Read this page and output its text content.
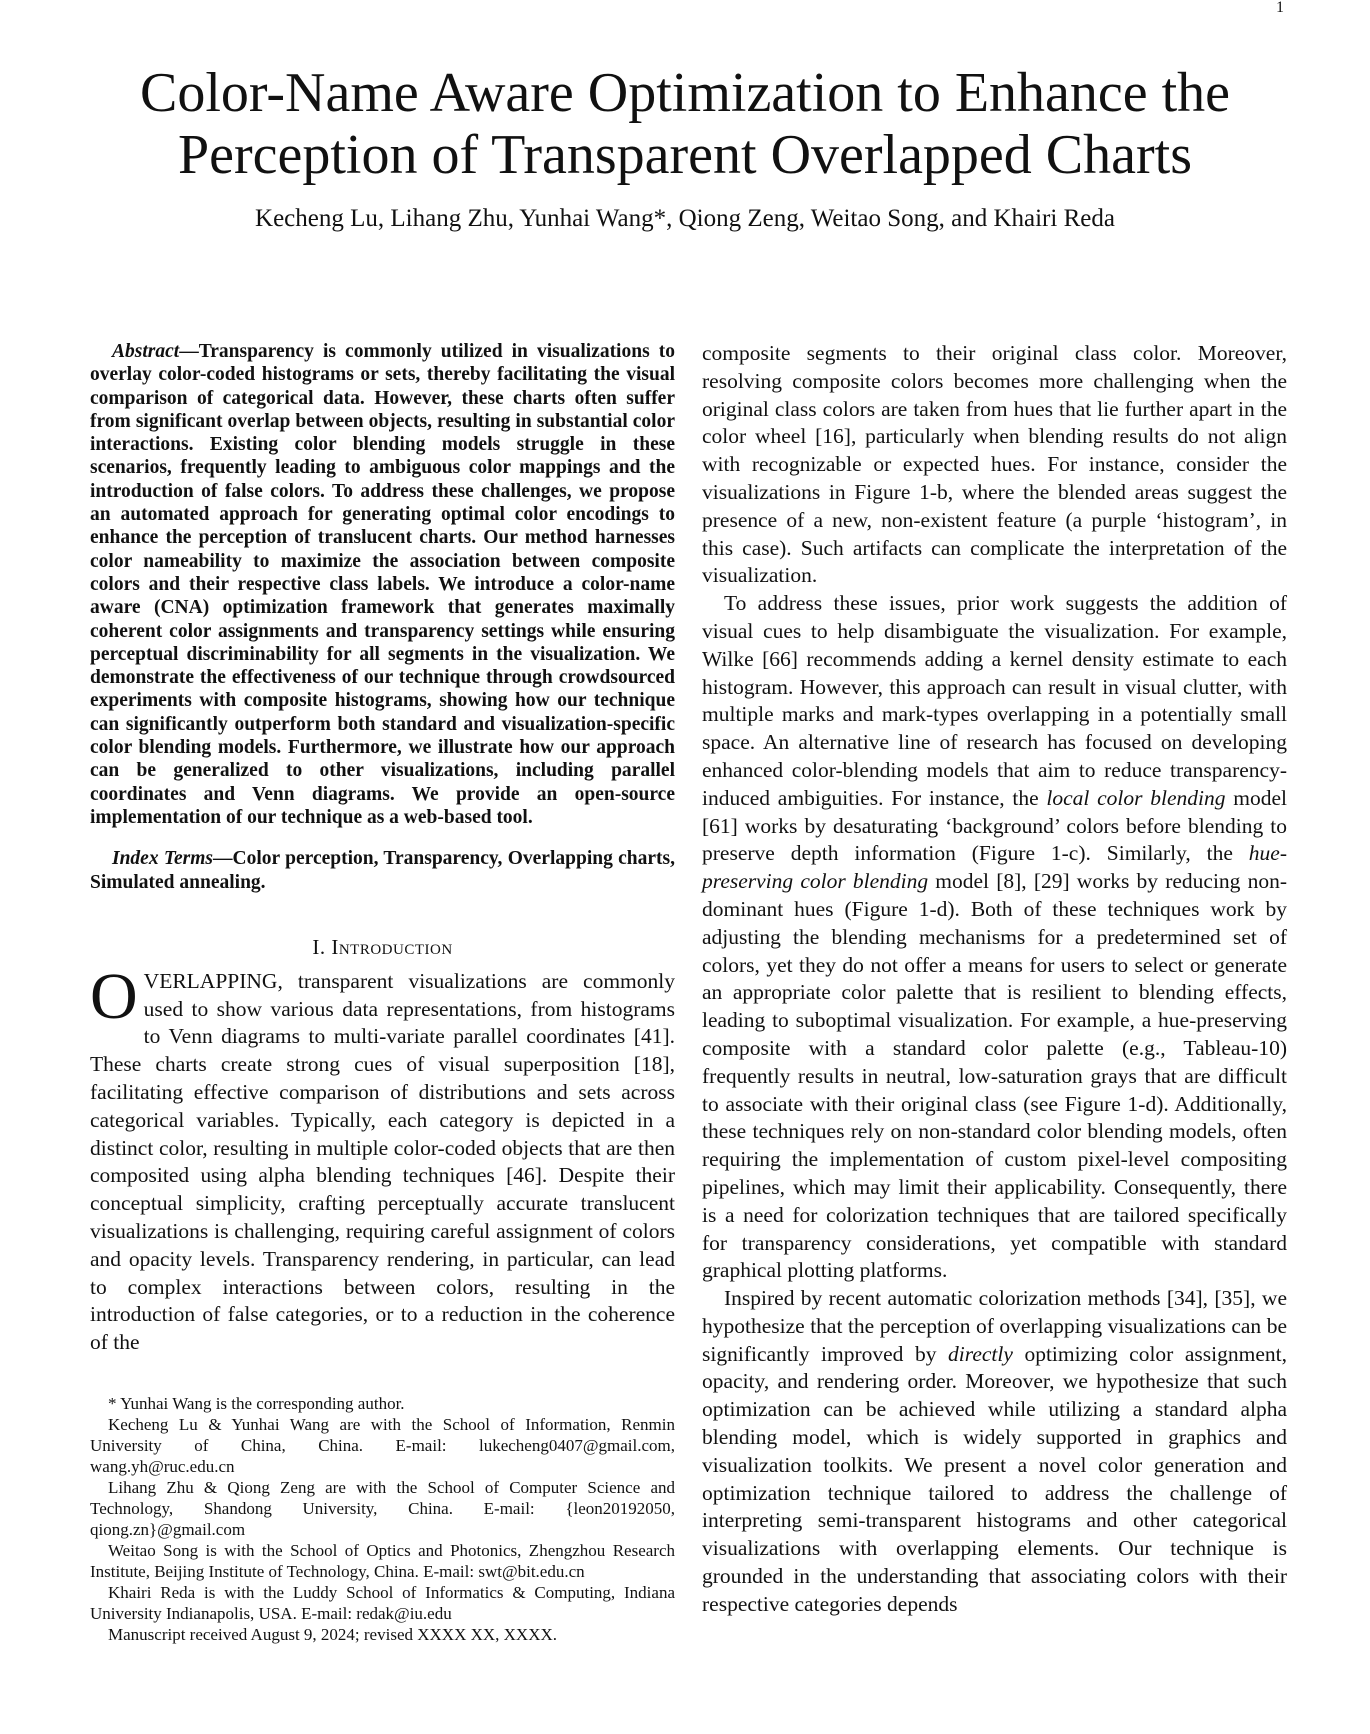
1
Color-Name Aware Optimization to Enhance the
Perception of Transparent Overlapped Charts
Kecheng Lu, Lihang Zhu, Yunhai Wang*, Qiong Zeng, Weitao Song, and Khairi Reda

Abstract—Transparency is commonly utilized in visualizations to overlay color-coded histograms or sets, thereby facilitating the visual comparison of categorical data. However, these charts often suffer from significant overlap between objects, resulting in substantial color interactions. Existing color blending models struggle in these scenarios, frequently leading to ambiguous color mappings and the introduction of false colors. To address these challenges, we propose an automated approach for generating optimal color encodings to enhance the perception of translucent charts. Our method harnesses color nameability to maximize the association between composite colors and their respective class labels. We introduce a color-name aware (CNA) optimization framework that generates maximally coherent color assignments and transparency settings while ensuring perceptual discriminability for all segments in the visualization. We demonstrate the effectiveness of our technique through crowdsourced experiments with composite histograms, showing how our technique can significantly outperform both standard and visualization-specific color blending models. Furthermore, we illustrate how our approach can be generalized to other visualizations, including parallel coordinates and Venn diagrams. We provide an open-source implementation of our technique as a web-based tool.

Index Terms—Color perception, Transparency, Overlapping charts, Simulated annealing.

I. Introduction

OVERLAPPING, transparent visualizations are commonly used to show various data representations, from histograms to Venn diagrams to multi-variate parallel coordinates [41]. These charts create strong cues of visual superposition [18], facilitating effective comparison of distributions and sets across categorical variables. Typically, each category is depicted in a distinct color, resulting in multiple color-coded objects that are then composited using alpha blending techniques [46]. Despite their conceptual simplicity, crafting perceptually accurate translucent visualizations is challenging, requiring careful assignment of colors and opacity levels. Transparency rendering, in particular, can lead to complex interactions between colors, resulting in the introduction of false categories, or to a reduction in the coherence of the

* Yunhai Wang is the corresponding author.

Kecheng Lu & Yunhai Wang are with the School of Information, Renmin University of China, China. E-mail: lukecheng0407@gmail.com, wang.yh@ruc.edu.cn

Lihang Zhu & Qiong Zeng are with the School of Computer Science and Technology, Shandong University, China. E-mail: {leon20192050, qiong.zn}@gmail.com

Weitao Song is with the School of Optics and Photonics, Zhengzhou Research Institute, Beijing Institute of Technology, China. E-mail: swt@bit.edu.cn

Khairi Reda is with the Luddy School of Informatics & Computing, Indiana University Indianapolis, USA. E-mail: redak@iu.edu

Manuscript received August 9, 2024; revised XXXX XX, XXXX.

composite segments to their original class color. Moreover, resolving composite colors becomes more challenging when the original class colors are taken from hues that lie further apart in the color wheel [16], particularly when blending results do not align with recognizable or expected hues. For instance, consider the visualizations in Figure 1-b, where the blended areas suggest the presence of a new, non-existent feature (a purple ‘histogram’, in this case). Such artifacts can complicate the interpretation of the visualization.

To address these issues, prior work suggests the addition of visual cues to help disambiguate the visualization. For example, Wilke [66] recommends adding a kernel density estimate to each histogram. However, this approach can result in visual clutter, with multiple marks and mark-types overlapping in a potentially small space. An alternative line of research has focused on developing enhanced color-blending models that aim to reduce transparency-induced ambiguities. For instance, the local color blending model [61] works by desaturating ‘background’ colors before blending to preserve depth information (Figure 1-c). Similarly, the hue-preserving color blending model [8], [29] works by reducing non-dominant hues (Figure 1-d). Both of these techniques work by adjusting the blending mechanisms for a predetermined set of colors, yet they do not offer a means for users to select or generate an appropriate color palette that is resilient to blending effects, leading to suboptimal visualization. For example, a hue-preserving composite with a standard color palette (e.g., Tableau-10) frequently results in neutral, low-saturation grays that are difficult to associate with their original class (see Figure 1-d). Additionally, these techniques rely on non-standard color blending models, often requiring the implementation of custom pixel-level compositing pipelines, which may limit their applicability. Consequently, there is a need for colorization techniques that are tailored specifically for transparency considerations, yet compatible with standard graphical plotting platforms.

Inspired by recent automatic colorization methods [34], [35], we hypothesize that the perception of overlapping visualizations can be significantly improved by directly optimizing color assignment, opacity, and rendering order. Moreover, we hypothesize that such optimization can be achieved while utilizing a standard alpha blending model, which is widely supported in graphics and visualization toolkits. We present a novel color generation and optimization technique tailored to address the challenge of interpreting semi-transparent histograms and other categorical visualizations with overlapping elements. Our technique is grounded in the understanding that associating colors with their respective categories depends
